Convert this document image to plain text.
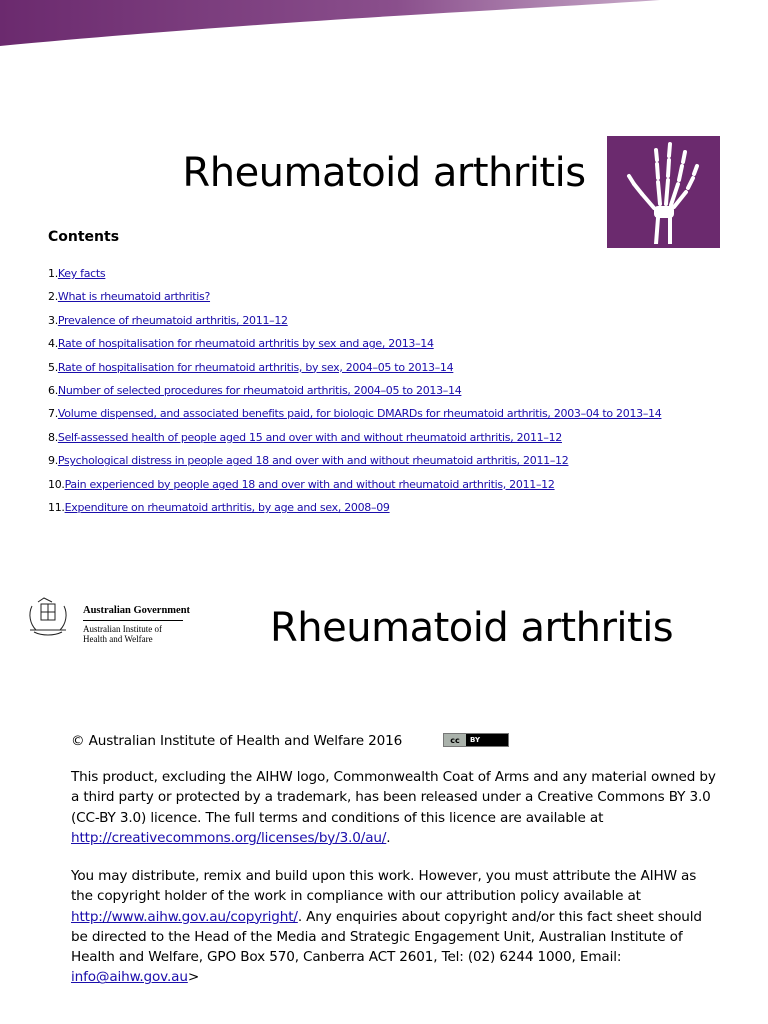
Rheumatoid arthritis
Contents
1.Key facts
2.What is rheumatoid arthritis?
3.Prevalence of rheumatoid arthritis, 2011–12
4.Rate of hospitalisation for rheumatoid arthritis by sex and age, 2013–14
5.Rate of hospitalisation for rheumatoid arthritis, by sex, 2004–05 to 2013–14
6.Number of selected procedures for rheumatoid arthritis, 2004–05 to 2013–14
7.Volume dispensed, and associated benefits paid, for biologic DMARDs for rheumatoid arthritis, 2003–04 to 2013–14
8.Self-assessed health of people aged 15 and over with and without rheumatoid arthritis, 2011–12
9.Psychological distress in people aged 18 and over with and without rheumatoid arthritis, 2011–12
10.Pain experienced by people aged 18 and over with and without rheumatoid arthritis, 2011–12
11.Expenditure on rheumatoid arthritis, by age and sex, 2008–09
Australian Government
Australian Institute of
Health and Welfare	Rheumatoid arthritis
© Australian Institute of Health and Welfare 2016	cc	BY

This product, excluding the AIHW logo, Commonwealth Coat of Arms and any material owned by a third party or protected by a trademark, has been released under a Creative Commons BY 3.0 (CC-BY 3.0) licence. The full terms and conditions of this licence are available at http://creativecommons.org/licenses/by/3.0/au/.

You may distribute, remix and build upon this work. However, you must attribute the AIHW as the copyright holder of the work in compliance with our attribution policy available at http://www.aihw.gov.au/copyright/. Any enquiries about copyright and/or this fact sheet should be directed to the Head of the Media and Strategic Engagement Unit, Australian Institute of Health and Welfare, GPO Box 570, Canberra ACT 2601, Tel: (02) 6244 1000, Email: info@aihw.gov.au>
